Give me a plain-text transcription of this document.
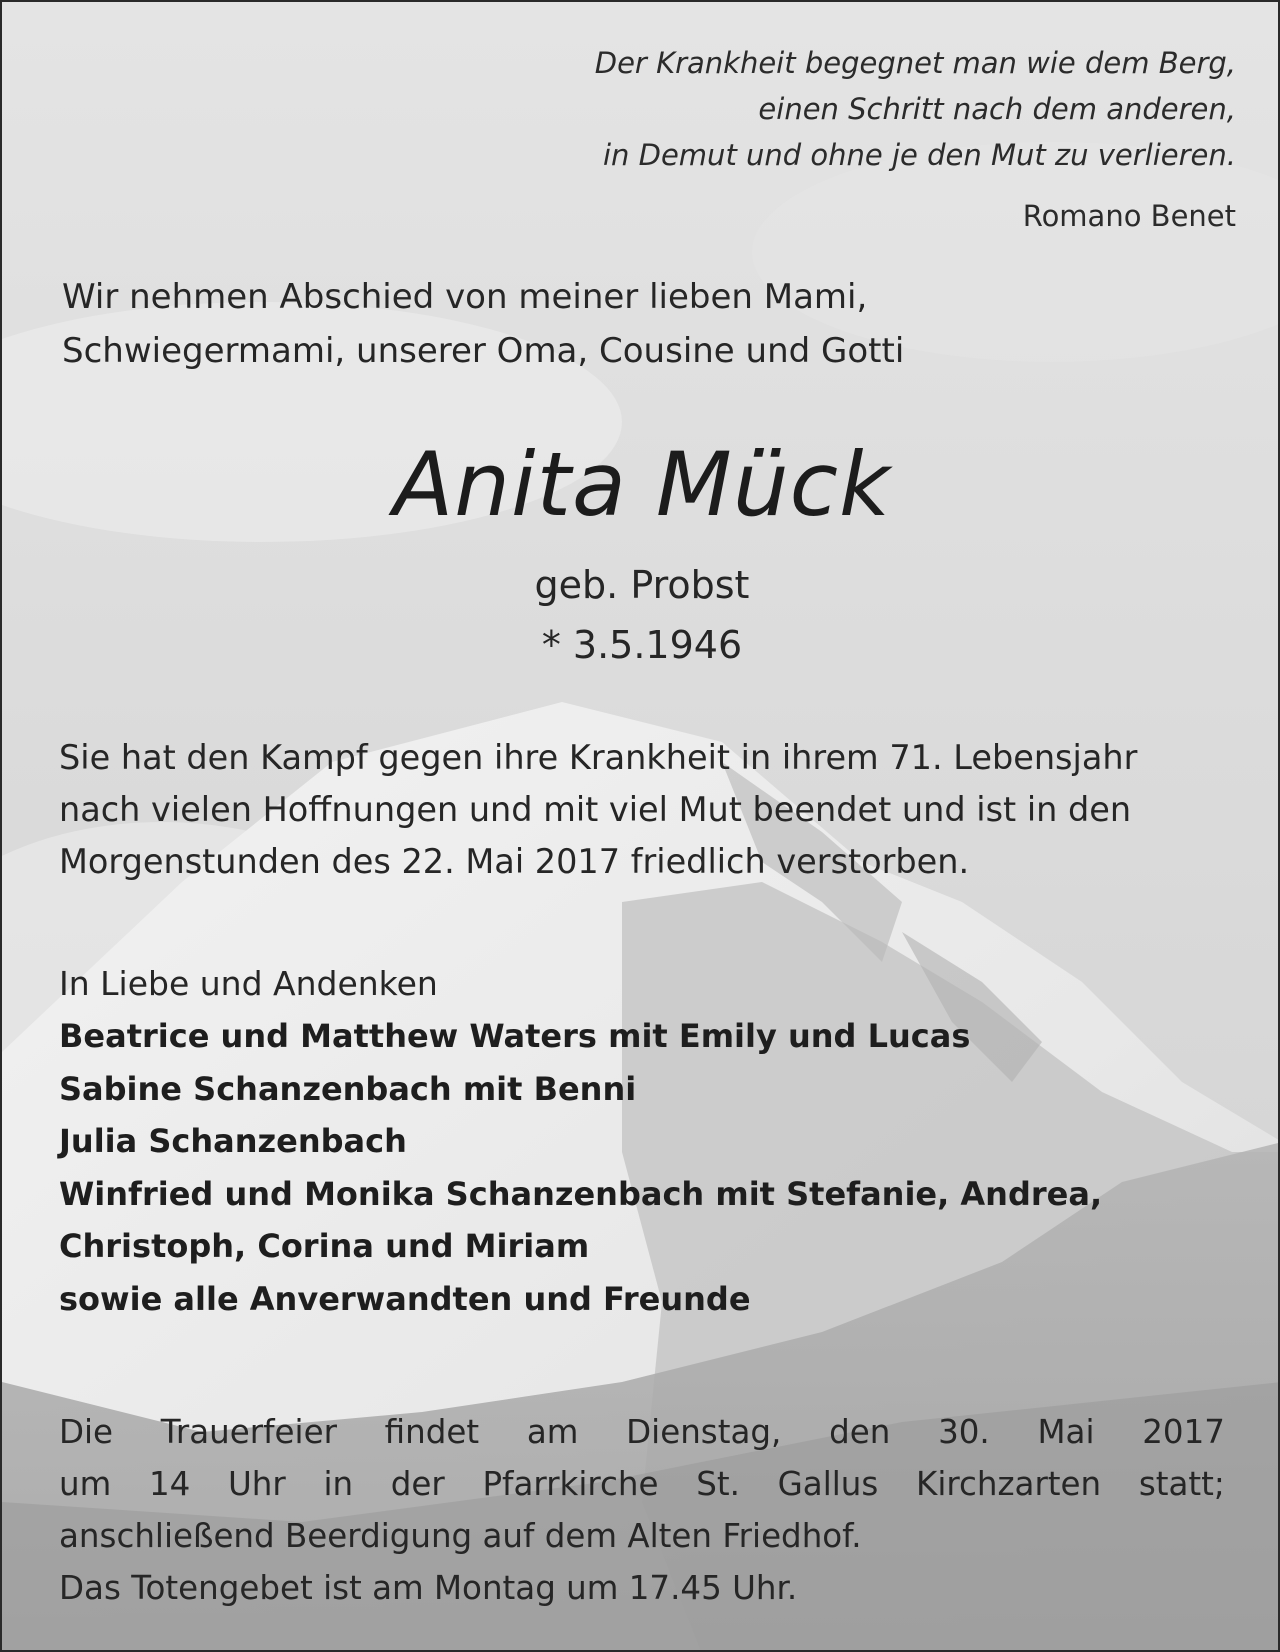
Der Krankheit begegnet man wie dem Berg,
einen Schritt nach dem anderen,
in Demut und ohne je den Mut zu verlieren.
Romano Benet
Wir nehmen Abschied von meiner lieben Mami,
Schwiegermami, unserer Oma, Cousine und Gotti
Anita Mück
geb. Probst
* 3.5.1946
Sie hat den Kampf gegen ihre Krankheit in ihrem 71. Lebensjahr
nach vielen Hoffnungen und mit viel Mut beendet und ist in den
Morgenstunden des 22. Mai 2017 friedlich verstorben.
In Liebe und Andenken
Beatrice und Matthew Waters mit Emily und Lucas
Sabine Schanzenbach mit Benni
Julia Schanzenbach
Winfried und Monika Schanzenbach mit Stefanie, Andrea,
Christoph, Corina und Miriam
sowie alle Anverwandten und Freunde
Die Trauerfeier findet am Dienstag, den 30. Mai 2017
um 14 Uhr in der Pfarrkirche St. Gallus Kirchzarten statt;
anschließend Beerdigung auf dem Alten Friedhof.
Das Totengebet ist am Montag um 17.45 Uhr.
